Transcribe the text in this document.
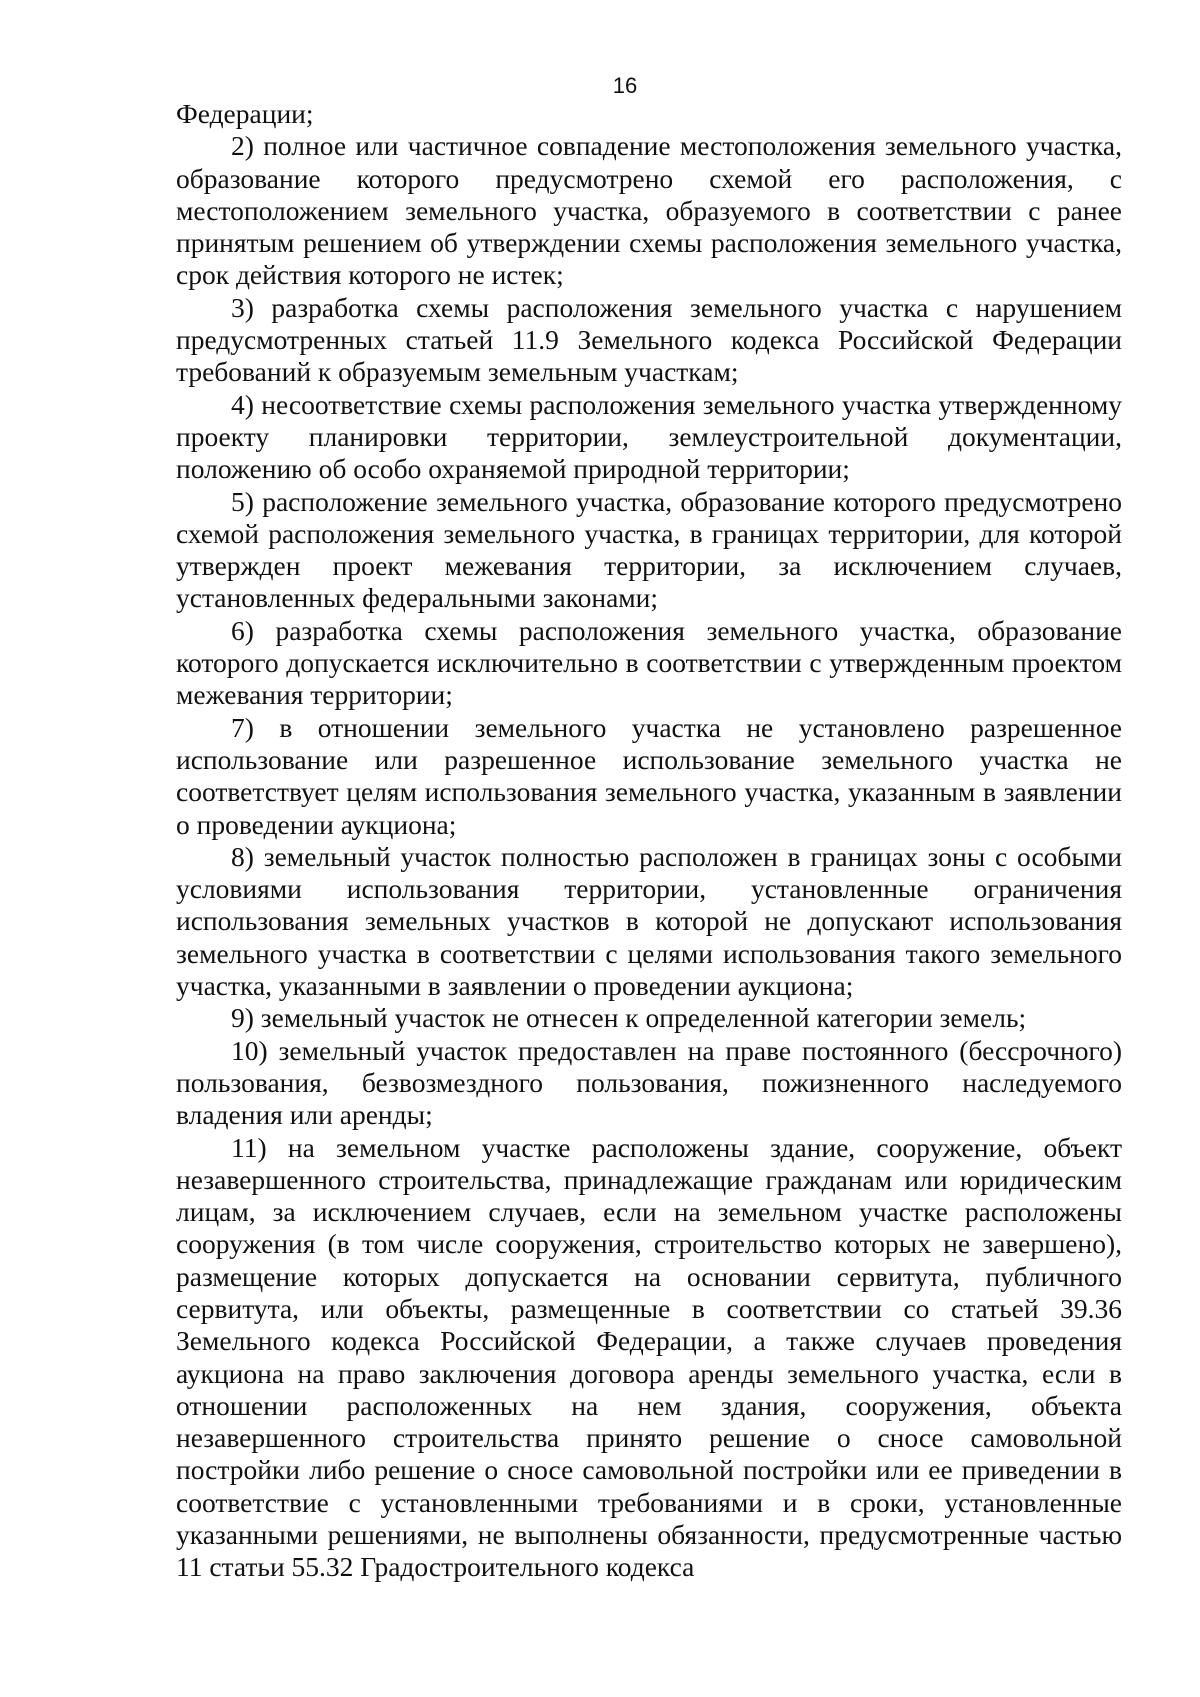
16

Федерации;

2) полное или частичное совпадение местоположения земельного участка, образование которого предусмотрено схемой его расположения, с местоположением земельного участка, образуемого в соответствии с ранее принятым решением об утверждении схемы расположения земельного участка, срок действия которого не истек;

3) разработка схемы расположения земельного участка с нарушением предусмотренных статьей 11.9 Земельного кодекса Российской Федерации требований к образуемым земельным участкам;

4) несоответствие схемы расположения земельного участка утвержденному проекту планировки территории, землеустроительной документации, положению об особо охраняемой природной территории;

5) расположение земельного участка, образование которого предусмотрено схемой расположения земельного участка, в границах территории, для которой утвержден проект межевания территории, за исключением случаев, установленных федеральными законами;

6) разработка схемы расположения земельного участка, образование которого допускается исключительно в соответствии с утвержденным проектом межевания территории;

7) в отношении земельного участка не установлено разрешенное использование или разрешенное использование земельного участка не соответствует целям использования земельного участка, указанным в заявлении о проведении аукциона;

8) земельный участок полностью расположен в границах зоны с особыми условиями использования территории, установленные ограничения использования земельных участков в которой не допускают использования земельного участка в соответствии с целями использования такого земельного участка, указанными в заявлении о проведении аукциона;

9) земельный участок не отнесен к определенной категории земель;

10) земельный участок предоставлен на праве постоянного (бессрочного) пользования, безвозмездного пользования, пожизненного наследуемого владения или аренды;

11) на земельном участке расположены здание, сооружение, объект незавершенного строительства, принадлежащие гражданам или юридическим лицам, за исключением случаев, если на земельном участке расположены сооружения (в том числе сооружения, строительство которых не завершено), размещение которых допускается на основании сервитута, публичного сервитута, или объекты, размещенные в соответствии со статьей 39.36 Земельного кодекса Российской Федерации, а также случаев проведения аукциона на право заключения договора аренды земельного участка, если в отношении расположенных на нем здания, сооружения, объекта незавершенного строительства принято решение о сносе самовольной постройки либо решение о сносе самовольной постройки или ее приведении в соответствие с установленными требованиями и в сроки, установленные указанными решениями, не выполнены обязанности, предусмотренные частью 11 статьи 55.32 Градостроительного кодекса
